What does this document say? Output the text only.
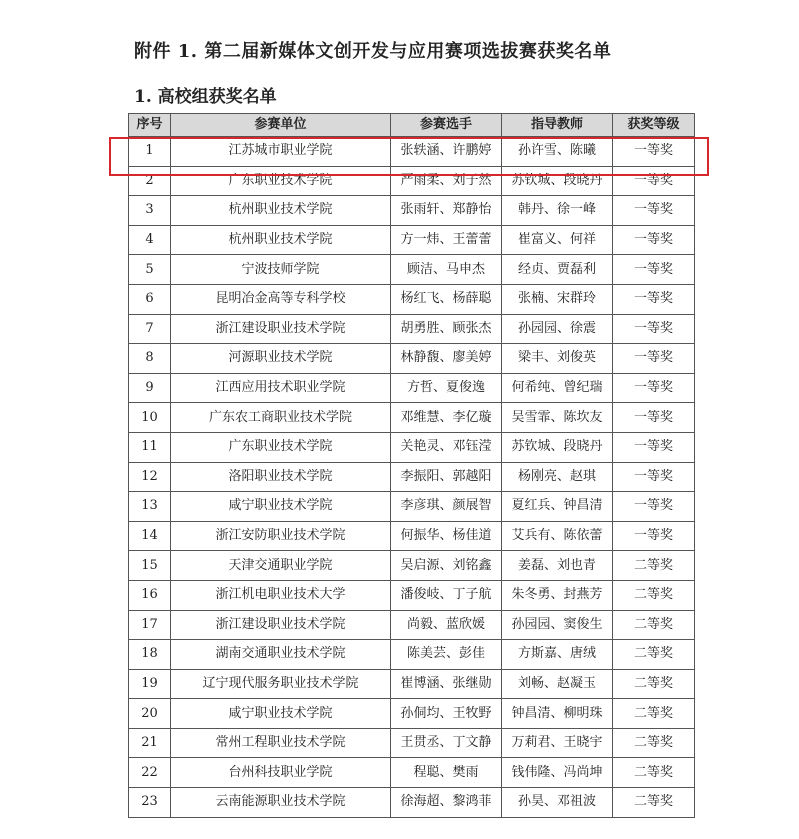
附件 1. 第二届新媒体文创开发与应用赛项选拔赛获奖名单
1. 高校组获奖名单
序号	参赛单位	参赛选手	指导教师	获奖等级
1	江苏城市职业学院	张轶涵、许鹏婷	孙许雪、陈曦	一等奖
2	广东职业技术学院	严雨柔、刘子然	苏钦城、段晓丹	一等奖
3	杭州职业技术学院	张雨轩、郑静怡	韩丹、徐一峰	一等奖
4	杭州职业技术学院	方一炜、王蕾蕾	崔富义、何祥	一等奖
5	宁波技师学院	顾洁、马申杰	经贞、贾磊利	一等奖
6	昆明冶金高等专科学校	杨红飞、杨薛聪	张楠、宋群玲	一等奖
7	浙江建设职业技术学院	胡勇胜、顾张杰	孙园园、徐震	一等奖
8	河源职业技术学院	林静馥、廖美婷	梁丰、刘俊英	一等奖
9	江西应用技术职业学院	方哲、夏俊逸	何希纯、曾纪瑞	一等奖
10	广东农工商职业技术学院	邓维慧、李亿璇	吴雪霏、陈坎友	一等奖
11	广东职业技术学院	关艳灵、邓钰滢	苏钦城、段晓丹	一等奖
12	洛阳职业技术学院	李振阳、郭越阳	杨刚亮、赵琪	一等奖
13	咸宁职业技术学院	李彦琪、颜展智	夏红兵、钟昌清	一等奖
14	浙江安防职业技术学院	何振华、杨佳道	艾兵有、陈依蕾	一等奖
15	天津交通职业学院	吴启源、刘铭鑫	姜磊、刘也青	二等奖
16	浙江机电职业技术大学	潘俊岐、丁子航	朱冬勇、封燕芳	二等奖
17	浙江建设职业技术学院	尚毅、蓝欣媛	孙园园、窦俊生	二等奖
18	湖南交通职业技术学院	陈美芸、彭佳	方斯嘉、唐绒	二等奖
19	辽宁现代服务职业技术学院	崔博涵、张继勋	刘畅、赵凝玉	二等奖
20	咸宁职业技术学院	孙侗均、王牧野	钟昌清、柳明珠	二等奖
21	常州工程职业技术学院	王贯丞、丁文静	万莉君、王晓宇	二等奖
22	台州科技职业学院	程聪、樊雨	钱伟隆、冯尚坤	二等奖
23	云南能源职业技术学院	徐海超、黎鸿菲	孙昊、邓祖波	二等奖
